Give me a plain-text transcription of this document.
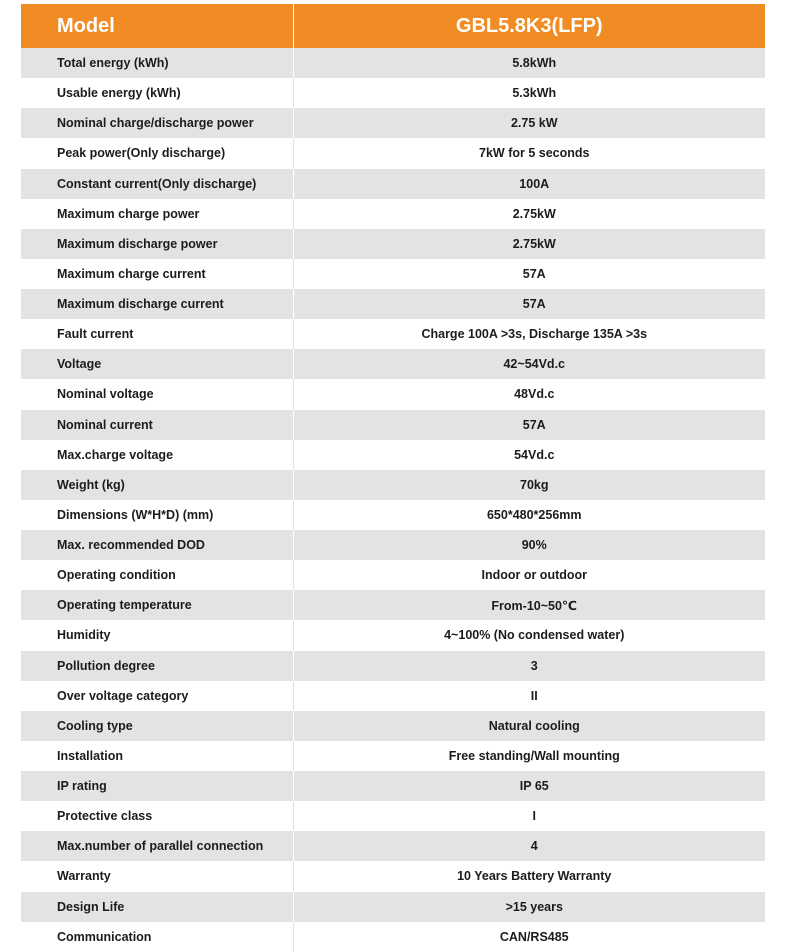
Model	GBL5.8K3(LFP)
Total energy (kWh)	5.8kWh
Usable energy (kWh)	5.3kWh
Nominal charge/discharge power	2.75 kW
Peak power(Only discharge)	7kW for 5 seconds
Constant current(Only discharge)	100A
Maximum charge power	2.75kW
Maximum discharge power	2.75kW
Maximum charge current	57A
Maximum discharge current	57A
Fault current	Charge 100A >3s, Discharge 135A >3s
Voltage	42~54Vd.c
Nominal voltage	48Vd.c
Nominal current	57A
Max.charge voltage	54Vd.c
Weight (kg)	70kg
Dimensions (W*H*D) (mm)	650*480*256mm
Max. recommended DOD	90%
Operating condition	Indoor or outdoor
Operating temperature	From-10~50℃
Humidity	4~100% (No condensed water)
Pollution degree	3
Over voltage category	II
Cooling type	Natural cooling
Installation	Free standing/Wall mounting
IP rating	IP 65
Protective class	I
Max.number of parallel connection	4
Warranty	10 Years Battery Warranty
Design Life	>15 years
Communication	CAN/RS485
